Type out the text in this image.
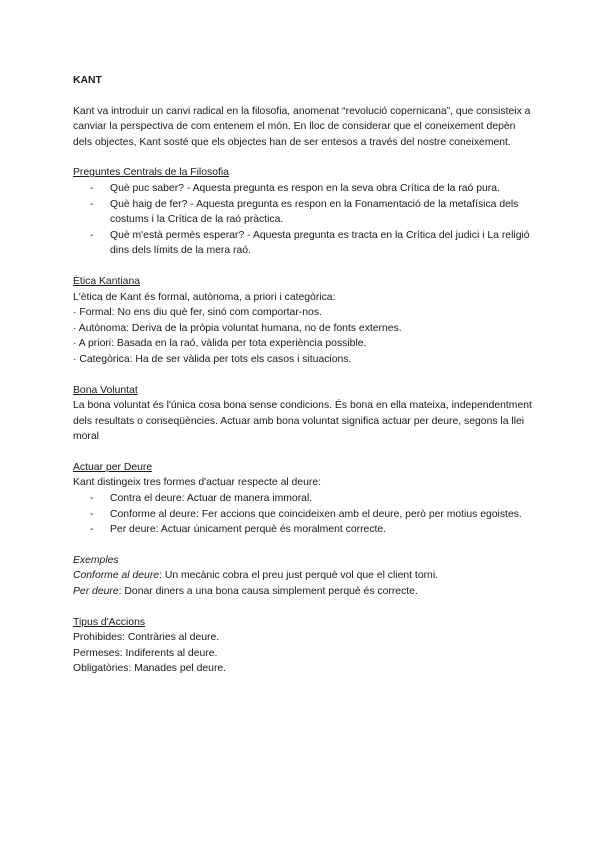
KANT

Kant va introduir un canvi radical en la filosofia, anomenat “revolució copernicana”, que consisteix a canviar la perspectiva de com entenem el món. En lloc de considerar que el coneixement depèn dels objectes, Kant sosté que els objectes han de ser entesos a través del nostre coneixement.

Preguntes Centrals de la Filosofia

- Què puc saber? - Aquesta pregunta es respon en la seva obra Crítica de la raó pura.
- Què haig de fer? - Aquesta pregunta es respon en la Fonamentació de la metafísica dels costums i la Crítica de la raó pràctica.
- Què m'està permès esperar? - Aquesta pregunta es tracta en la Crítica del judici i La religió dins dels límits de la mera raó.

Ètica Kantiana

L'ètica de Kant és formal, autònoma, a priori i categòrica:

· Formal: No ens diu què fer, sinó com comportar-nos.
· Autònoma: Deriva de la pròpia voluntat humana, no de fonts externes.
· A priori: Basada en la raó, vàlida per tota experiència possible.
· Categòrica: Ha de ser vàlida per tots els casos i situacions.

Bona Voluntat

La bona voluntat és l'única cosa bona sense condicions. És bona en ella mateixa, independentment dels resultats o conseqüències. Actuar amb bona voluntat significa actuar per deure, segons la llei moral

Actuar per Deure

Kant distingeix tres formes d'actuar respecte al deure:

- Contra el deure: Actuar de manera immoral.
- Conforme al deure: Fer accions que coincideixen amb el deure, però per motius egoistes.
- Per deure: Actuar únicament perquè és moralment correcte.

Exemples

Conforme al deure: Un mecànic cobra el preu just perquè vol que el client torni.

Per deure: Donar diners a una bona causa simplement perquè és correcte.

Tipus d'Accions

Prohibides: Contràries al deure.
Permeses: Indiferents al deure.
Obligatòries: Manades pel deure.
